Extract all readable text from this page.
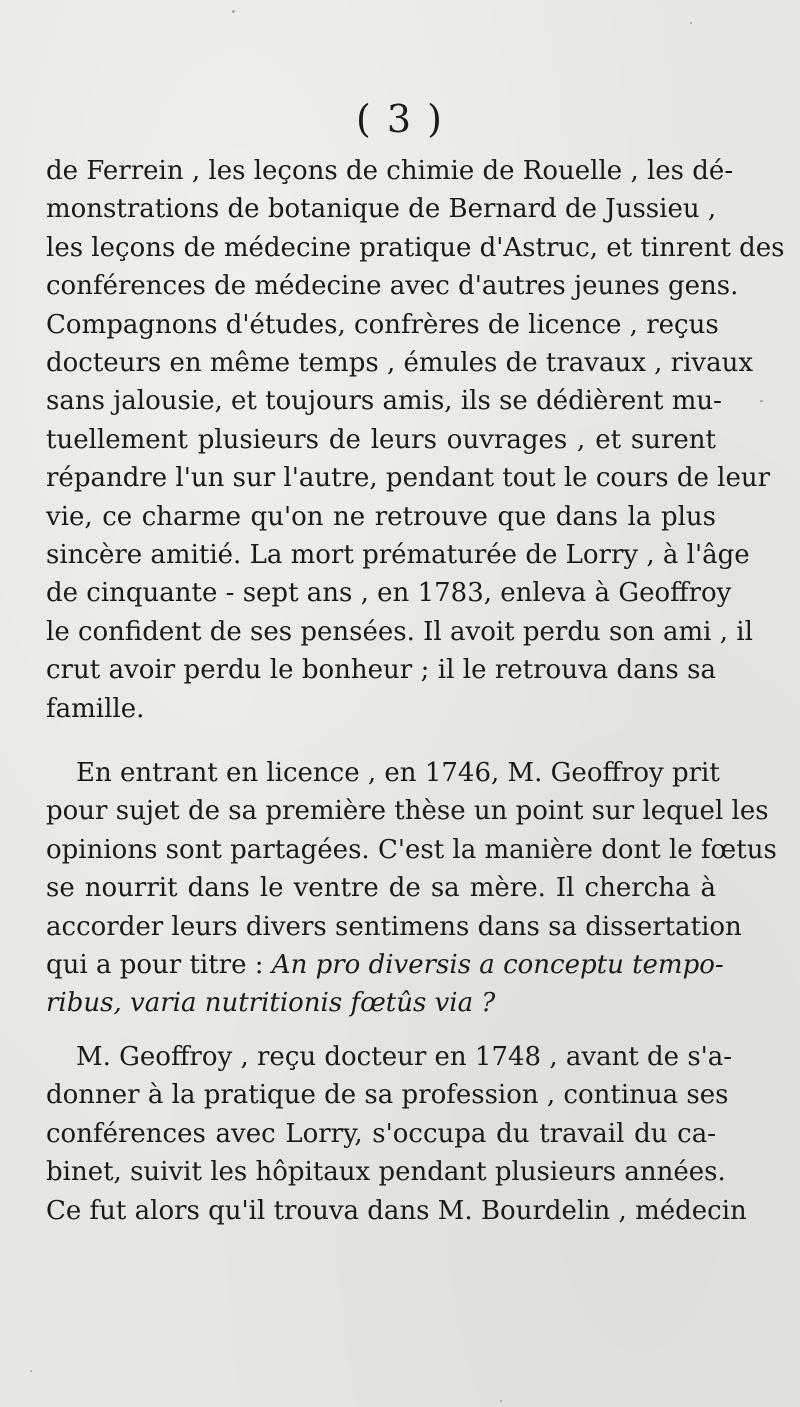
( 3 )
de Ferrein , les leçons de chimie de Rouelle , les dé-
monstrations de botanique de Bernard de Jussieu ,
les leçons de médecine pratique d'Astruc, et tinrent des
conférences de médecine avec d'autres jeunes gens.
Compagnons d'études, confrères de licence , reçus
docteurs en même temps , émules de travaux , rivaux
sans jalousie, et toujours amis, ils se dédièrent mu-
tuellement plusieurs de leurs ouvrages , et surent
répandre l'un sur l'autre, pendant tout le cours de leur
vie, ce charme qu'on ne retrouve que dans la plus
sincère amitié. La mort prématurée de Lorry , à l'âge
de cinquante - sept ans , en 1783, enleva à Geoffroy
le confident de ses pensées. Il avoit perdu son ami , il
crut avoir perdu le bonheur ; il le retrouva dans sa
famille.
En entrant en licence , en 1746, M. Geoffroy prit
pour sujet de sa première thèse un point sur lequel les
opinions sont partagées. C'est la manière dont le fœtus
se nourrit dans le ventre de sa mère. Il chercha à
accorder leurs divers sentimens dans sa dissertation
qui a pour titre : An pro diversis a conceptu tempo-
ribus, varia nutritionis fœtûs via ?
M. Geoffroy , reçu docteur en 1748 , avant de s'a-
donner à la pratique de sa profession , continua ses
conférences avec Lorry, s'occupa du travail du ca-
binet, suivit les hôpitaux pendant plusieurs années.
Ce fut alors qu'il trouva dans M. Bourdelin , médecin
